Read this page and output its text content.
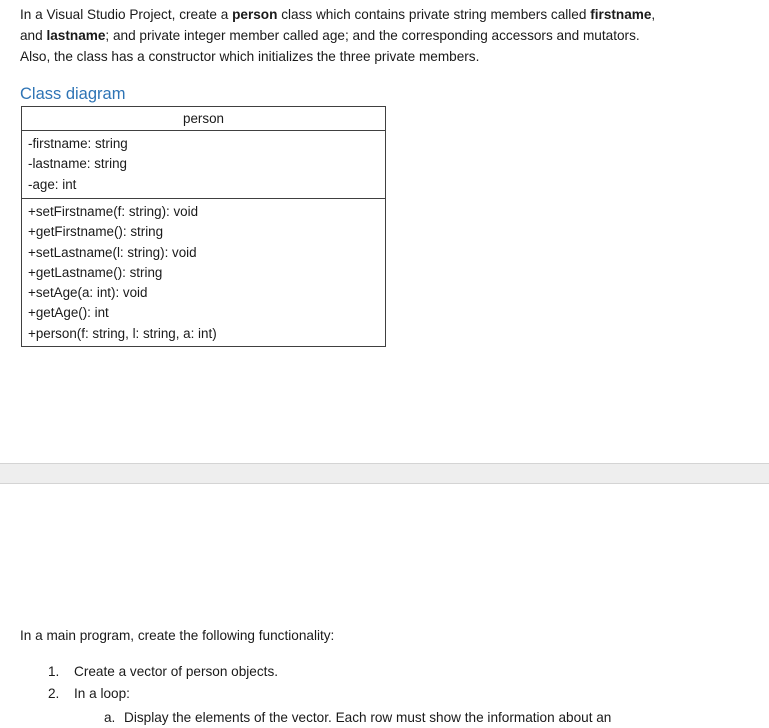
In a Visual Studio Project, create a person class which contains private string members called firstname,
and lastname; and private integer member called age; and the corresponding accessors and mutators.
Also, the class has a constructor which initializes the three private members.

Class diagram
person
-firstname: string
-lastname: string
-age: int
+setFirstname(f: string): void
+getFirstname(): string
+setLastname(l: string): void
+getLastname(): string
+setAge(a: int): void
+getAge(): int
+person(f: string, l: string, a: int)

In a main program, create the following functionality:

1. Create a vector of person objects.
2. In a loop:
a. Display the elements of the vector. Each row must show the information about an
